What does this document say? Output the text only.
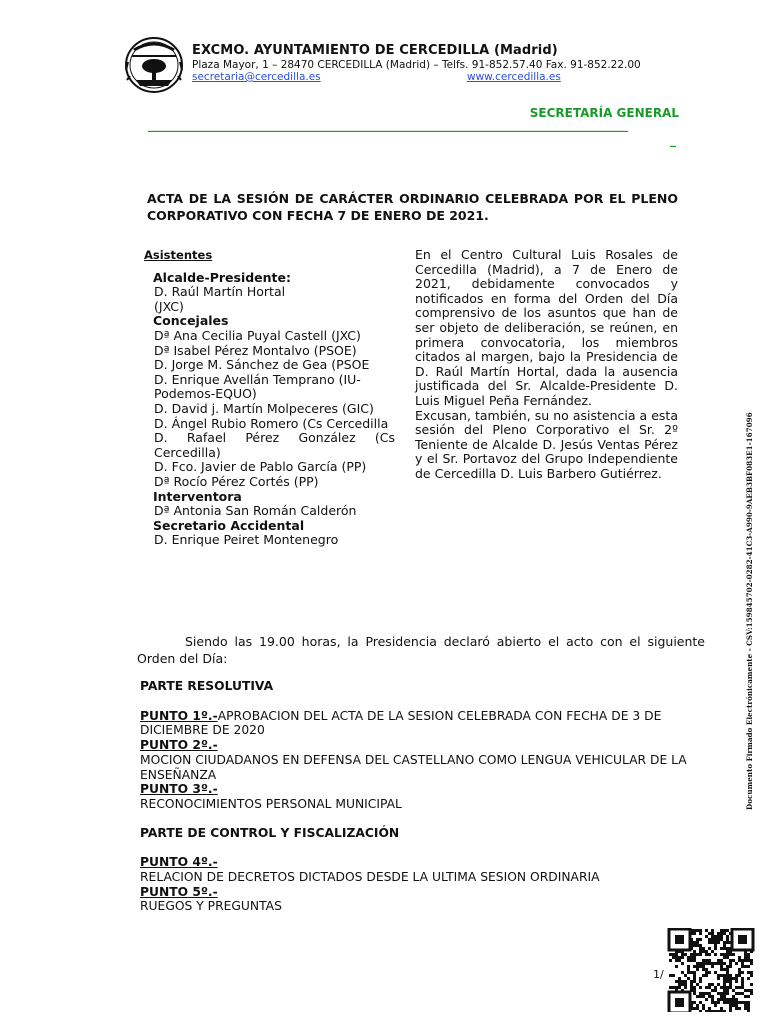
EXCMO. AYUNTAMIENTO DE CERCEDILLA (Madrid)
Plaza Mayor, 1 – 28470 CERCEDILLA (Madrid) – Telfs. 91-852.57.40 Fax. 91-852.22.00
secretaria@cercedilla.es	www.cercedilla.es
SECRETARÍA GENERAL
________________________________________________________________________________
_
ACTA DE LA SESIÓN DE CARÁCTER ORDINARIO CELEBRADA POR EL PLENO CORPORATIVO CON FECHA 7 DE ENERO DE 2021.
Asistentes
Alcalde-Presidente:
D. Raúl Martín Hortal
(JXC)
Concejales
Dª Ana Cecilia Puyal Castell (JXC)
Dª Isabel Pérez Montalvo (PSOE)
D. Jorge M. Sánchez de Gea (PSOE
D. Enrique Avellán Temprano (IU-Podemos-EQUO)
D. David j. Martín Molpeceres (GIC)
D. Ángel Rubio Romero (Cs Cercedilla
D. Rafael Pérez González (Cs Cercedilla)
D. Fco. Javier de Pablo García (PP)
Dª Rocío Pérez Cortés (PP)
Interventora
Dª Antonia San Román Calderón
Secretario Accidental
D. Enrique Peiret Montenegro
En el Centro Cultural Luis Rosales de Cercedilla (Madrid), a 7 de Enero de 2021, debidamente convocados y notificados en forma del Orden del Día comprensivo de los asuntos que han de ser objeto de deliberación, se reúnen, en primera convocatoria, los miembros citados al margen, bajo la Presidencia de D. Raúl Martín Hortal, dada la ausencia justificada del Sr. Alcalde-Presidente D. Luis Miguel Peña Fernández.
Excusan, también, su no asistencia a esta sesión del Pleno Corporativo el Sr. 2º Teniente de Alcalde D. Jesús Ventas Pérez y el Sr. Portavoz del Grupo Independiente de Cercedilla D. Luis Barbero Gutiérrez.
Siendo las 19.00 horas, la Presidencia declaró abierto el acto con el siguiente Orden del Día:
PARTE RESOLUTIVA
PUNTO 1º.-APROBACION DEL ACTA DE LA SESION CELEBRADA CON FECHA DE 3 DE DICIEMBRE DE 2020
PUNTO 2º.-
MOCION CIUDADANOS EN DEFENSA DEL CASTELLANO COMO LENGUA VEHICULAR DE LA ENSEÑANZA
PUNTO 3º.-
RECONOCIMIENTOS PERSONAL MUNICIPAL
PARTE DE CONTROL Y FISCALIZACIÓN
PUNTO 4º.-
RELACION DE DECRETOS DICTADOS DESDE LA ULTIMA SESION ORDINARIA
PUNTO 5º.-
RUEGOS Y PREGUNTAS
Documento Firmado Electrónicamente - CSV:159845702-0282-41C3-A990-9AEB3BF083E1-167096
1/
